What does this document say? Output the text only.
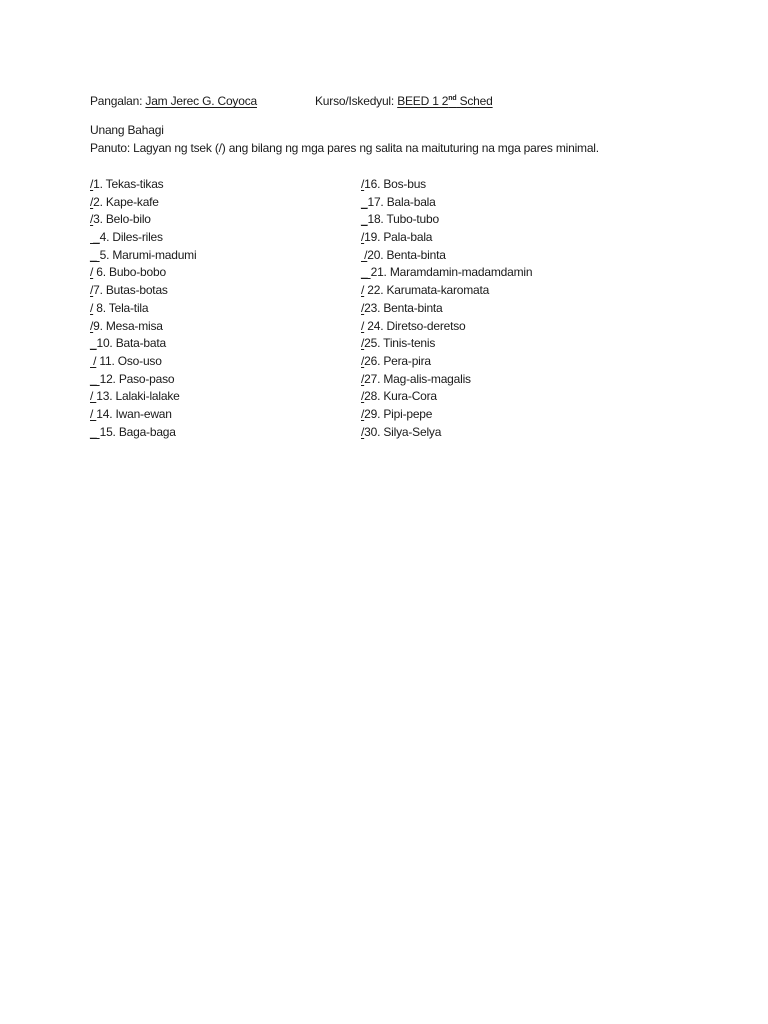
Pangalan: Jam Jerec G. Coyoca	Kurso/Iskedyul: BEED 1 2nd Sched
Unang Bahagi
Panuto: Lagyan ng tsek (/) ang bilang ng mga pares ng salita na maituturing na mga pares minimal.
/1. Tekas-tikas
/2. Kape-kafe
/3. Belo-bilo
_4. Diles-riles
_ 5. Marumi-madumi
/ 6. Bubo-bobo
/7. Butas-botas
/ 8. Tela-tila
/9. Mesa-misa
_10. Bata-bata
/ 11. Oso-uso
_ 12. Paso-paso
/ 13. Lalaki-lalake
/ 14. Iwan-ewan
_ 15. Baga-baga
/16. Bos-bus
_17. Bala-bala
_18. Tubo-tubo
/19. Pala-bala
/20. Benta-binta
_ 21. Maramdamin-madamdamin
/ 22. Karumata-karomata
/23. Benta-binta
/ 24. Diretso-deretso
/25. Tinis-tenis
/26. Pera-pira
/27. Mag-alis-magalis
/28. Kura-Cora
/29. Pipi-pepe
/30. Silya-Selya
